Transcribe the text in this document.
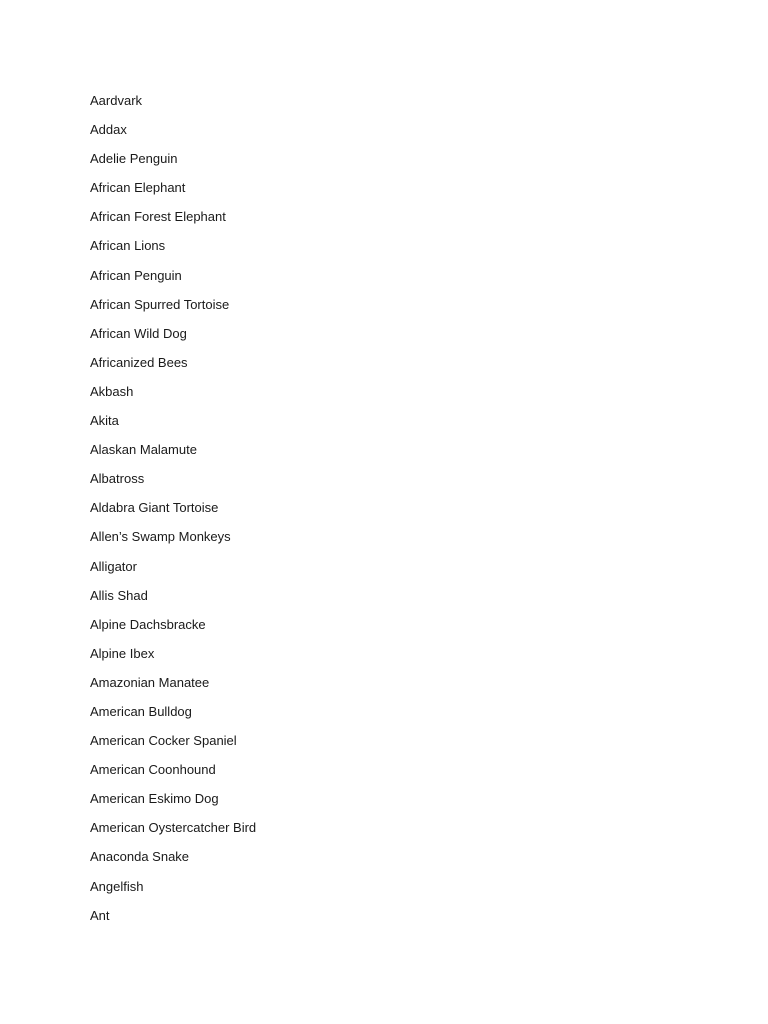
Aardvark
Addax
Adelie Penguin
African Elephant
African Forest Elephant
African Lions
African Penguin
African Spurred Tortoise
African Wild Dog
Africanized Bees
Akbash
Akita
Alaskan Malamute
Albatross
Aldabra Giant Tortoise
Allen’s Swamp Monkeys
Alligator
Allis Shad
Alpine Dachsbracke
Alpine Ibex
Amazonian Manatee
American Bulldog
American Cocker Spaniel
American Coonhound
American Eskimo Dog
American Oystercatcher Bird
Anaconda Snake
Angelfish
Ant
